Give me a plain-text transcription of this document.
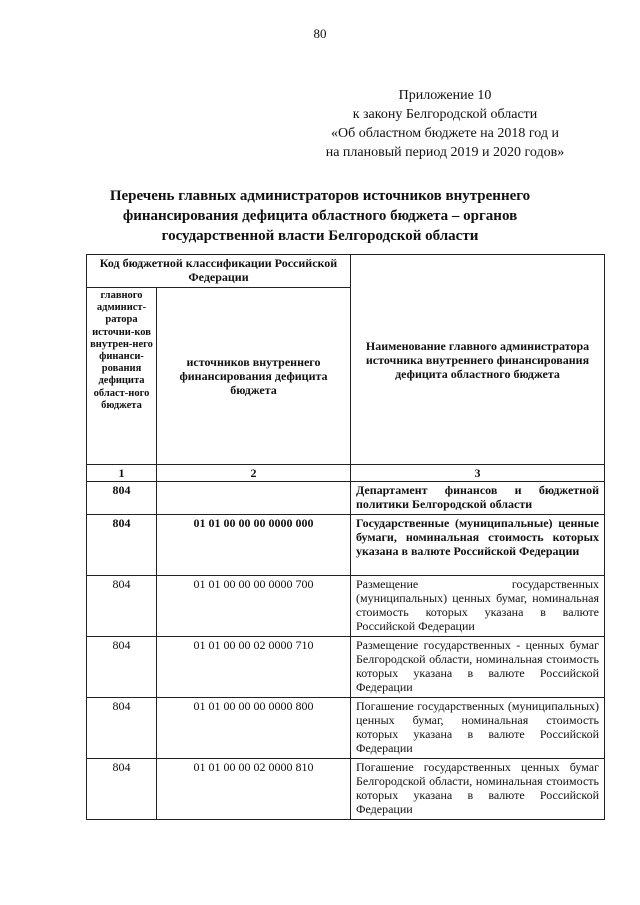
80
Приложение 10
к закону Белгородской области
«Об областном бюджете на 2018 год и
на плановый период 2019 и 2020 годов»
Перечень главных администраторов источников внутреннего
финансирования дефицита областного бюджета – органов
государственной власти Белгородской области
Код бюджетной классификации Российской Федерации		Наименование главного администратора источника внутреннего финансирования дефицита областного бюджета
главного админист-ратора источни-ков внутрен-него финанси-рования дефицита област-ного бюджета	источников внутреннего финансирования дефицита бюджета	
1	2	3
804		Департамент финансов и бюджетной политики Белгородской области
804	01 01 00 00 00 0000 000	Государственные (муниципальные) ценные бумаги, номинальная стоимость которых указана в валюте Российской Федерации
804	01 01 00 00 00 0000 700	Размещение государственных (муниципальных) ценных бумаг, номинальная стоимость которых указана в валюте Российской Федерации
804	01 01 00 00 02 0000 710	Размещение государственных - ценных бумаг Белгородской области, номинальная стоимость которых указана в валюте Российской Федерации
804	01 01 00 00 00 0000 800	Погашение государственных (муниципальных) ценных бумаг, номинальная стоимость которых указана в валюте Российской Федерации
804	01 01 00 00 02 0000 810	Погашение государственных ценных бумаг Белгородской области, номинальная стоимость которых указана в валюте Российской Федерации
